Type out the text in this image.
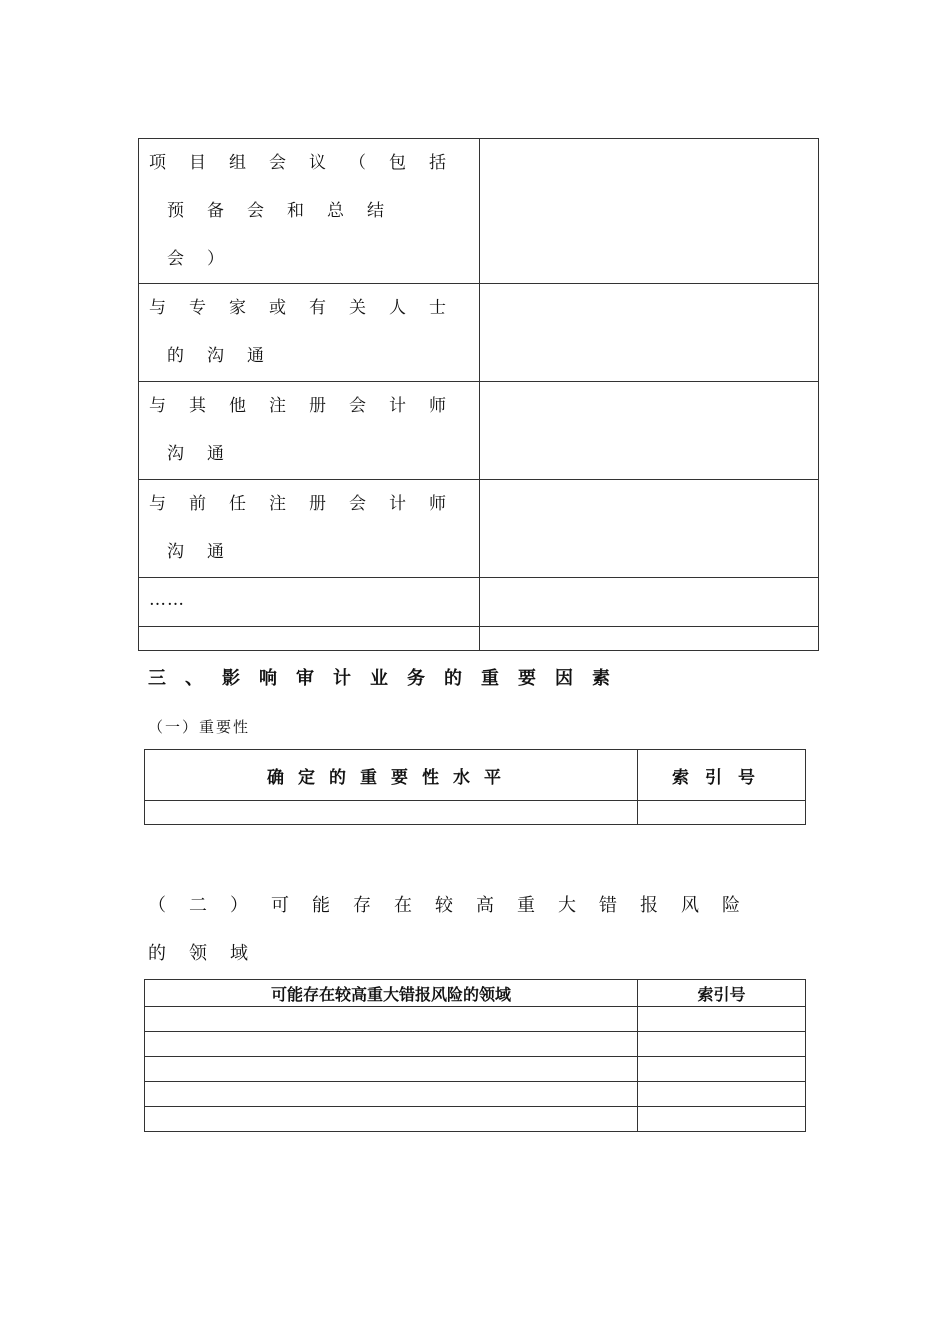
项目组会议（包括
预备会和总结会）	

与专家或有关人士
的沟通	

与其他注册会计师
沟通	

与前任注册会计师
沟通	

……	

三、影响审计业务的重要因素

（一）重要性

确定的重要性水平	索引号

（二）可能存在较高重大错报风险的领域

可能存在较高重大错报风险的领域	索引号
